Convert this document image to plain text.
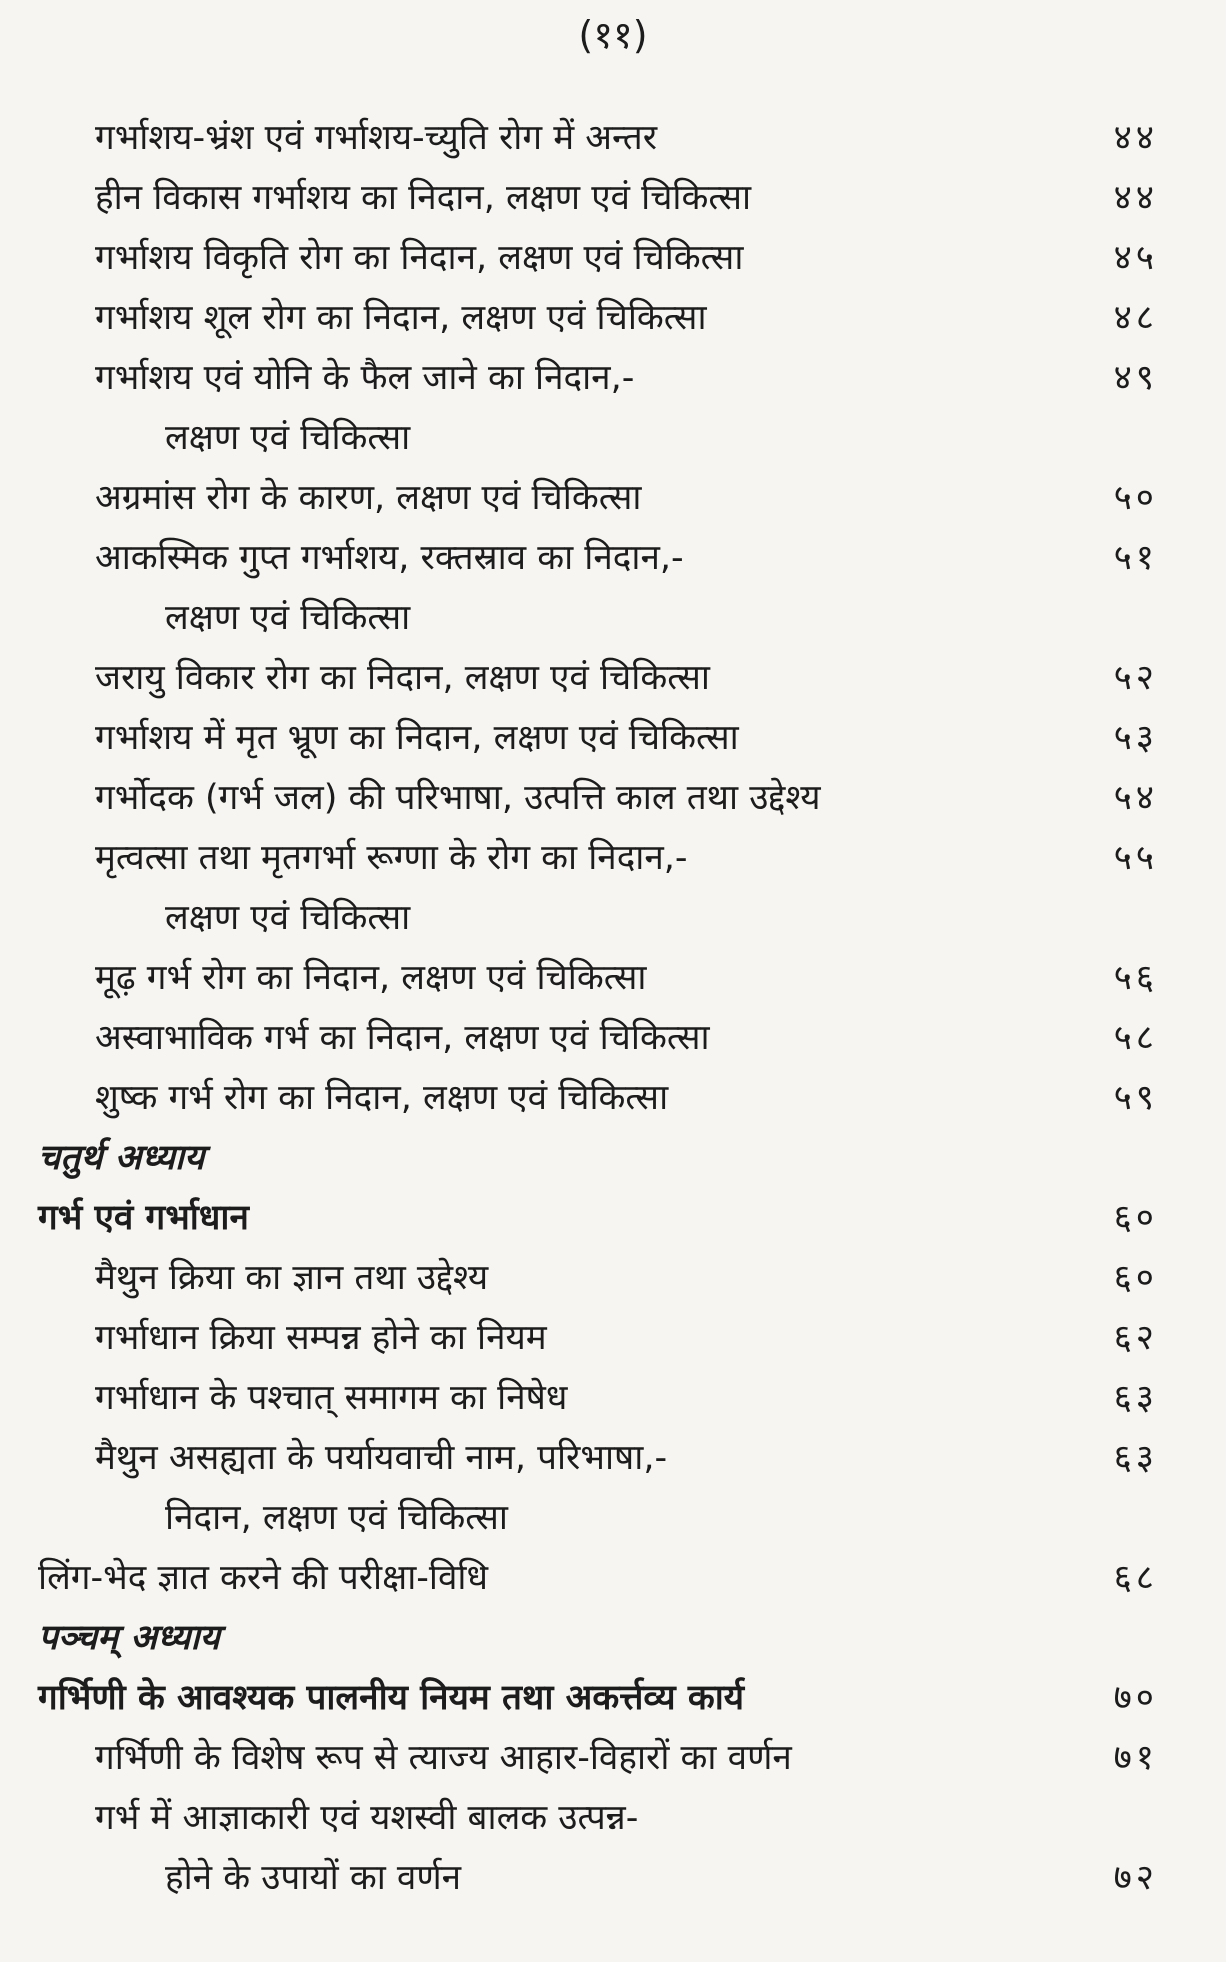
(११)
गर्भाशय-भ्रंश एवं गर्भाशय-च्युति रोग में अन्तर	४४
हीन विकास गर्भाशय का निदान, लक्षण एवं चिकित्सा	४४
गर्भाशय विकृति रोग का निदान, लक्षण एवं चिकित्सा	४५
गर्भाशय शूल रोग का निदान, लक्षण एवं चिकित्सा	४८
गर्भाशय एवं योनि के फैल जाने का निदान,-	४९
लक्षण एवं चिकित्सा
अग्रमांस रोग के कारण, लक्षण एवं चिकित्सा	५०
आकस्मिक गुप्त गर्भाशय, रक्तस्राव का निदान,-	५१
लक्षण एवं चिकित्सा
जरायु विकार रोग का निदान, लक्षण एवं चिकित्सा	५२
गर्भाशय में मृत भ्रूण का निदान, लक्षण एवं चिकित्सा	५३
गर्भोदक (गर्भ जल) की परिभाषा, उत्पत्ति काल तथा उद्देश्य	५४
मृत्वत्सा तथा मृतगर्भा रूग्णा के रोग का निदान,-	५५
लक्षण एवं चिकित्सा
मूढ़ गर्भ रोग का निदान, लक्षण एवं चिकित्सा	५६
अस्वाभाविक गर्भ का निदान, लक्षण एवं चिकित्सा	५८
शुष्क गर्भ रोग का निदान, लक्षण एवं चिकित्सा	५९
चतुर्थ अध्याय
गर्भ एवं गर्भाधान	६०
मैथुन क्रिया का ज्ञान तथा उद्देश्य	६०
गर्भाधान क्रिया सम्पन्न होने का नियम	६२
गर्भाधान के पश्चात् समागम का निषेध	६३
मैथुन असह्यता के पर्यायवाची नाम, परिभाषा,-	६३
निदान, लक्षण एवं चिकित्सा
लिंग-भेद ज्ञात करने की परीक्षा-विधि	६८
पञ्चम् अध्याय
गर्भिणी के आवश्यक पालनीय नियम तथा अकर्त्तव्य कार्य	७०
गर्भिणी के विशेष रूप से त्याज्य आहार-विहारों का वर्णन	७१
गर्भ में आज्ञाकारी एवं यशस्वी बालक उत्पन्न-
होने के उपायों का वर्णन	७२
